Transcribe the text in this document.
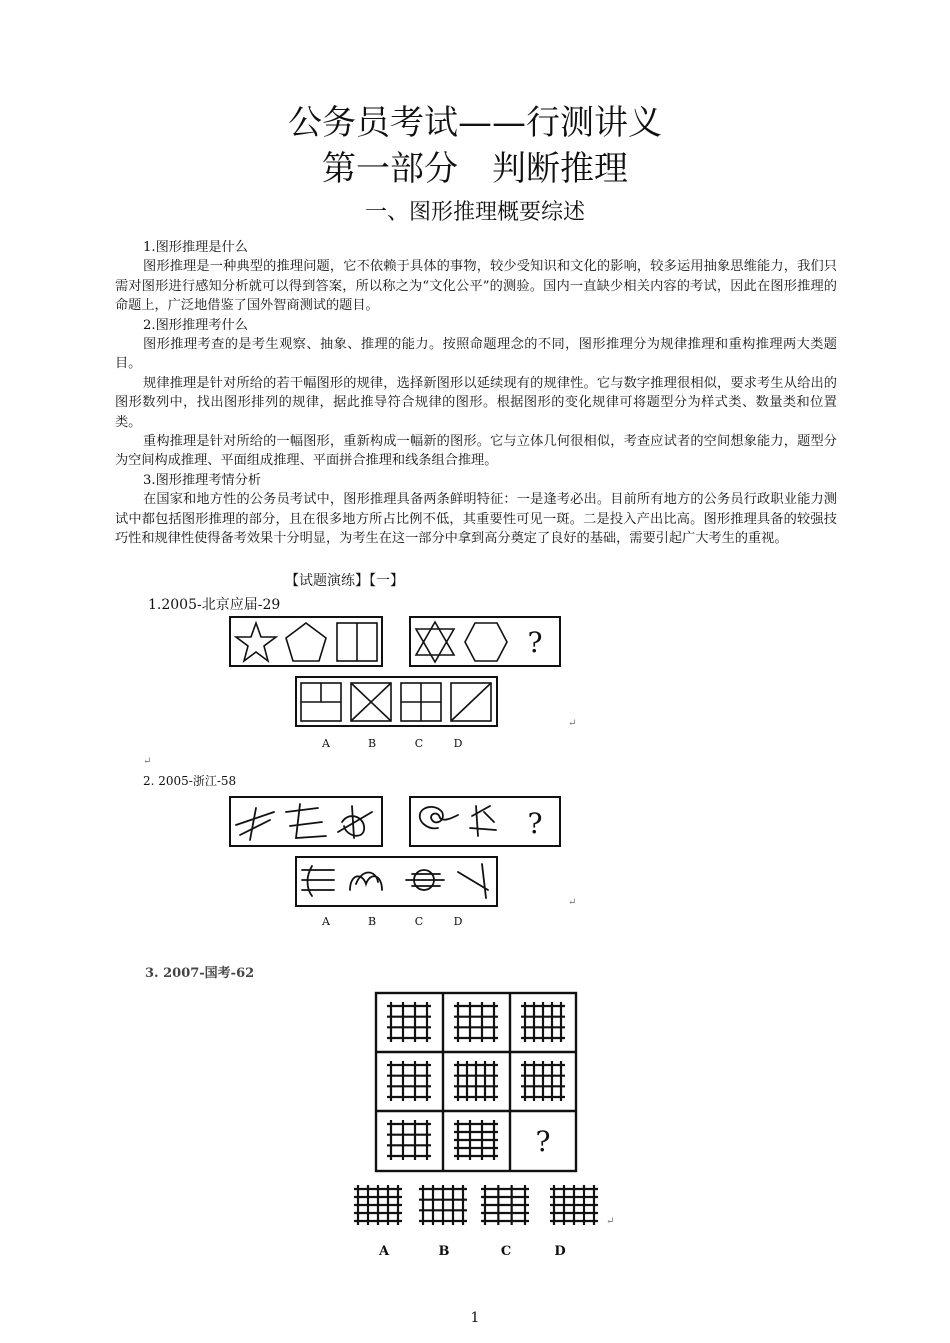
公务员考试——行测讲义
第一部分　判断推理
一、图形推理概要综述

1.图形推理是什么

图形推理是一种典型的推理问题，它不依赖于具体的事物，较少受知识和文化的影响，较多运用抽象思维能力，我们只需对图形进行感知分析就可以得到答案，所以称之为“文化公平”的测验。国内一直缺少相关内容的考试，因此在图形推理的命题上，广泛地借鉴了国外智商测试的题目。

2.图形推理考什么

图形推理考查的是考生观察、抽象、推理的能力。按照命题理念的不同，图形推理分为规律推理和重构推理两大类题目。

规律推理是针对所给的若干幅图形的规律，选择新图形以延续现有的规律性。它与数字推理很相似，要求考生从给出的图形数列中，找出图形排列的规律，据此推导符合规律的图形。根据图形的变化规律可将题型分为样式类、数量类和位置类。

重构推理是针对所给的一幅图形，重新构成一幅新的图形。它与立体几何很相似，考查应试者的空间想象能力，题型分为空间构成推理、平面组成推理、平面拼合推理和线条组合推理。

3.图形推理考情分析

在国家和地方性的公务员考试中，图形推理具备两条鲜明特征：一是逢考必出。目前所有地方的公务员行政职业能力测试中都包括图形推理的部分，且在很多地方所占比例不低，其重要性可见一斑。二是投入产出比高。图形推理具备的较强技巧性和规律性使得备考效果十分明显，为考生在这一部分中拿到高分奠定了良好的基础，需要引起广大考生的重视。

【试题演练】【一】
1.2005-北京应届-29
2. 2005-浙江-58
3. 2007-国考-62
?
A	B	C	D
↵
↵
?
A	B	C	D
↵
?
A	B	C	D
↵
1
